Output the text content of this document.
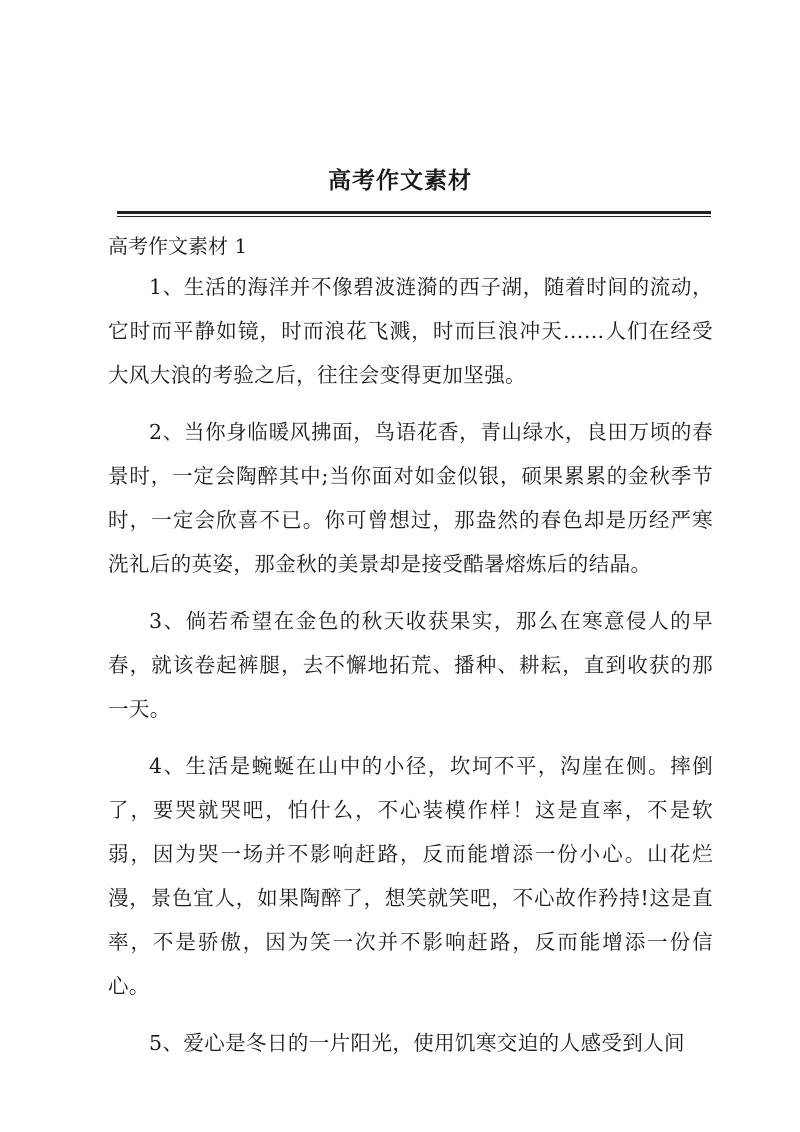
高考作文素材
高考作文素材 1

1、生活的海洋并不像碧波涟漪的西子湖，随着时间的流动，它时而平静如镜，时而浪花飞溅，时而巨浪冲天……人们在经受大风大浪的考验之后，往往会变得更加坚强。

2、当你身临暖风拂面，鸟语花香，青山绿水，良田万顷的春景时，一定会陶醉其中;当你面对如金似银，硕果累累的金秋季节时，一定会欣喜不已。你可曾想过，那盎然的春色却是历经严寒洗礼后的英姿，那金秋的美景却是接受酷暑熔炼后的结晶。

3、倘若希望在金色的秋天收获果实，那么在寒意侵人的早春，就该卷起裤腿，去不懈地拓荒、播种、耕耘，直到收获的那一天。

4、生活是蜿蜒在山中的小径，坎坷不平，沟崖在侧。摔倒了，要哭就哭吧，怕什么，不心装模作样！这是直率，不是软弱，因为哭一场并不影响赶路，反而能增添一份小心。山花烂漫，景色宜人，如果陶醉了，想笑就笑吧，不心故作矜持!这是直率，不是骄傲，因为笑一次并不影响赶路，反而能增添一份信心。

5、爱心是冬日的一片阳光，使用饥寒交迫的人感受到人间
